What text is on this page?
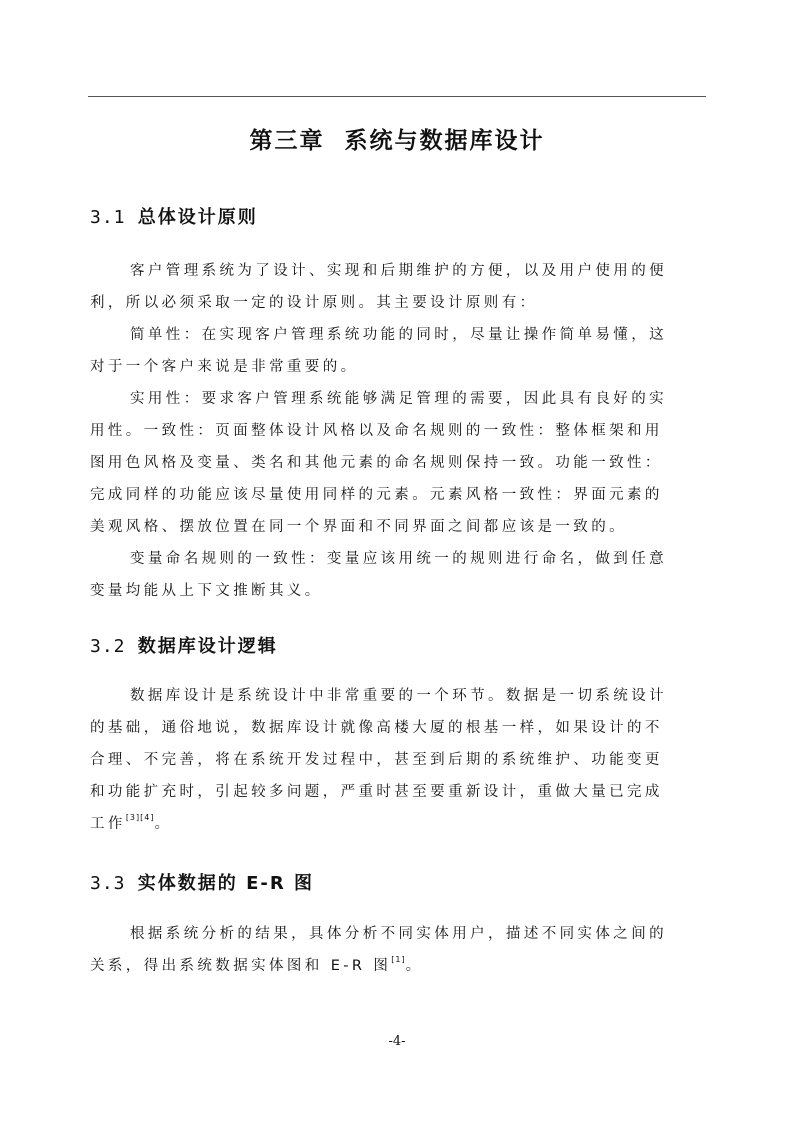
第三章  系统与数据库设计
3.1 总体设计原则
客户管理系统为了设计、实现和后期维护的方便，以及用户使用的便
利，所以必须采取一定的设计原则。其主要设计原则有：
简单性：在实现客户管理系统功能的同时，尽量让操作简单易懂，这
对于一个客户来说是非常重要的。
实用性：要求客户管理系统能够满足管理的需要，因此具有良好的实
用性。一致性：页面整体设计风格以及命名规则的一致性：整体框架和用
图用色风格及变量、类名和其他元素的命名规则保持一致。功能一致性：
完成同样的功能应该尽量使用同样的元素。元素风格一致性：界面元素的
美观风格、摆放位置在同一个界面和不同界面之间都应该是一致的。
变量命名规则的一致性：变量应该用统一的规则进行命名，做到任意
变量均能从上下文推断其义。
3.2 数据库设计逻辑
数据库设计是系统设计中非常重要的一个环节。数据是一切系统设计
的基础，通俗地说，数据库设计就像高楼大厦的根基一样，如果设计的不
合理、不完善，将在系统开发过程中，甚至到后期的系统维护、功能变更
和功能扩充时，引起较多问题，严重时甚至要重新设计，重做大量已完成
工作[3][4]。
3.3 实体数据的 E-R 图
根据系统分析的结果，具体分析不同实体用户，描述不同实体之间的
关系，得出系统数据实体图和 E-R 图[1]。
-4-
